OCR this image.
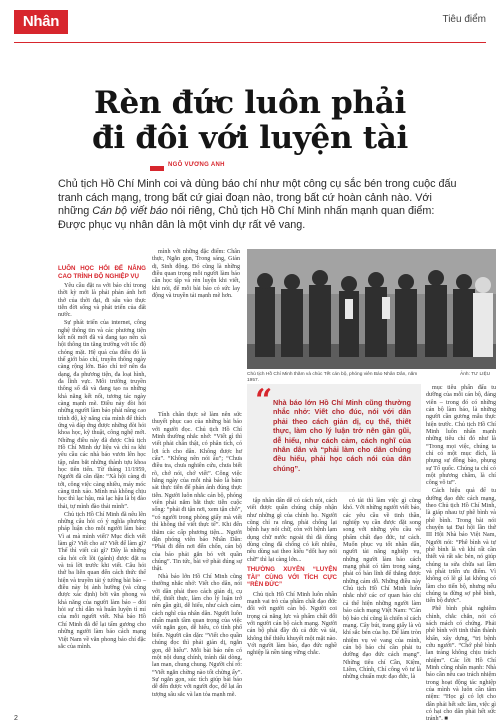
Nhân Dân
Tiêu điểm
Rèn đức luôn phải
đi đôi với luyện tài
NGÔ VƯƠNG ANH
Chủ tịch Hồ Chí Minh coi và dùng báo chí như một công cụ sắc bén trong cuộc đấu tranh cách mạng, trong bất cứ giai đoạn nào, trong bất cứ hoàn cảnh nào. Với những Cán bộ viết báo nói riêng, Chủ tịch Hồ Chí Minh nhấn mạnh quan điểm: Được phục vụ nhân dân là một vinh dự rất vẻ vang.
LUÔN HỌC HỎI ĐỂ NÂNG CAO TRÌNH ĐỘ NGHIỆP VỤ

Yêu cầu đặt ra với báo chí trong thời kỳ mới là phải phản ánh hơi thở của thời đại, đi sâu vào thực tiễn đời sống và phát triển của đất nước.

Sự phát triển của internet, công nghệ thông tin và các phương tiện kết nối mới đã và đang tạo nên xã hội thông tin tăng trưởng với tốc độ chóng mặt. Hệ quả của điều đó là thế giới báo chí, truyền thông ngày càng rộng lớn. Báo chí trở nên đa dạng, đa phương tiện, đa loại hình, đa lĩnh vực. Môi trường truyền thông số đã và đang tạo ra những khả năng kết nối, tương tác ngày càng mạnh mẽ. Điều này đòi hỏi những người làm báo phải nâng cao trình độ, kỹ năng của mình để thích ứng và đáp ứng được những đòi hỏi khoa học, kỹ thuật, công nghệ mới. Những điều này đã được Chủ tịch Hồ Chí Minh dự liệu và chỉ ra khi yêu cầu các nhà báo vươn lên học tập, nắm bắt những thành tựu khoa học tiên tiến. Từ tháng 11/1959, Người đã căn dặn: “Xã hội càng đi tới, công việc càng nhiều, máy móc càng tinh xảo. Mình mà không chịu học thì lạc hậu, mà lạc hậu là bị đào thải, tự mình đào thải mình”.

Chủ tịch Hồ Chí Minh đã nêu lên những câu hỏi có ý nghĩa phương pháp luận cho mỗi người làm báo: Vì ai mà mình viết? Mục đích viết làm gì? Viết cho ai? Viết để làm gì? Thế thì viết cái gì? Đây là những câu hỏi cốt lõi (gánh) được đặt ra và trả lời trước khi viết. Câu hỏi thứ ba liên quan đến cách thức thể hiện và truyền tải ý tưởng bài báo – điều này bị ảnh hưởng (và cũng được xác định) bởi văn phong và khả năng của người làm báo – đòi hỏi sự chỉ dẫn và huấn luyện tỉ mỉ của mỗi người viết. Nhà báo Hồ Chí Minh đã để lại tấm gương cho những người làm báo cách mạng Việt Nam về văn phong báo chí đặc sắc của mình.

mình với những đặc điểm: Chân thực, Ngắn gọn, Trong sáng, Giản dị, Sinh động. Đó cũng là những điều quan trọng mỗi người làm báo cần học tập và rèn luyện khi viết, khi nói, để mỗi bài báo có sức lay động và truyền tải mạnh mẽ hơn.

Chủ tịch Hồ Chí Minh thăm và chúc Tết cán bộ, phóng viên Báo Nhân Dân, năm 1957.
Ảnh: TƯ LIỆU
“ Nhà báo lớn Hồ Chí Minh cũng thường nhắc nhở: Viết cho đúc, nói với dân phải theo cách giản dị, cụ thể, thiết thực, làm cho lý luận trở nên gần gũi, dễ hiểu, như cách cảm, cách nghĩ của nhân dân và “phải làm cho dân chúng đều hiểu, phải học cách nói của dân chúng”.

Tính chân thực sẽ làm nên sức thuyết phục cao của những bài báo với người đọc. Chủ tịch Hồ Chí Minh thường nhắc nhở: “Viết gì thì viết phải chân thật, có phân tích, có lợi ích cho dân. Không được hư cấu”. “Không nên nói ẩu”; “Chưa điều tra, chưa nghiên cứu, chưa biết rõ, chớ nói, chớ viết”. Công việc hằng ngày của mỗi nhà báo là bám sát thực tiễn để phản ánh đúng thực tiễn. Người luôn nhắc cán bộ, phóng viên phải nắm bắt thực tiễn cuộc sống: “phải đi tận nơi, xem tận chỗ”, “có người trong phòng giấy mà viết thì không thể viết thực tế”. Khi đến thăm các cấp phương tiện... Người dặn phóng viên báo Nhân Dân: “Phải đi đến nơi đến chốn, cán bộ của báo phải gắn bó với quần chúng”. Tin tức, bài vở phải đúng sự thật.

Nhà báo lớn Hồ Chí Minh cũng thường nhắc nhở: Viết cho dân, nói với dân phải theo cách giản dị, cụ thể, thiết thực, làm cho lý luận trở nên gần gũi, dễ hiểu, như cách cảm, cách nghĩ của nhân dân. Người luôn nhấn mạnh tầm quan trọng của việc viết ngắn gọn, dễ hiểu, có tính phổ biến. Người căn dặn: “Viết cho quần chúng đọc thì phải giản dị, ngắn gọn, dễ hiểu”. Mỗi bài báo nên có một nội dung chính, tránh dài dòng, lan man, chung chung. Người chỉ rõ: “Viết ngắn chừng nào tốt chừng ấy”. Sự ngắn gọn, súc tích giúp bài báo dễ đến được với người đọc, để lại ấn tượng sâu sắc và lan tỏa mạnh mẽ.

tập nhân dân dễ có cách nói, cách viết được quần chúng chấp nhận như những gì của chính họ. Người cũng chỉ ra rằng, phải chống lại bệnh hay nói chữ, còn với bệnh lạm dụng chữ nước ngoài thì đã dùng dùng cũng đã chống có kết nhiều, nêu dùng sai theo kiểu “dốt hay nói chữ” thì lại càng lớn...

THƯỜNG XUYÊN “LUYỆN TÀI” CÙNG VỚI TÍCH CỰC “RÈN ĐỨC”

Chủ tịch Hồ Chí Minh luôn nhấn mạnh vai trò của phẩm chất đạo đức đối với người cán bộ. Người coi trọng cả năng lực và phẩm chất đối với người cán bộ cách mạng. Người cán bộ phải đầy đủ cả đức và tài, không thể thiếu khuyết một mặt nào. Với người làm báo, đạo đức nghề nghiệp là nền tảng vững chắc.

có tài thì làm việc gì cũng khó. Với những người viết báo, các yêu cầu về tinh thần, nghiệp vụ cần được đặt song song với những yêu cầu về phẩm chất đạo đức, tư cách. Muốn phục vụ tốt nhân dân, người tài năng nghiệp vụ, những người làm báo cách mạng phải có tâm trong sáng, phải có bản lĩnh để thẳng được những cám dỗ. Những điều này Chủ tịch Hồ Chí Minh luôn nhắc nhở các cơ quan báo chí cả thể hiện những người làm báo cách mạng Việt Nam: “Cán bộ báo chí cũng là chiến sĩ cách mạng. Cây bút, trang giấy là vũ khí sắc bén của họ. Để làm tròn nhiệm vụ vẻ vang của mình, cán bộ báo chí cần phải tu dưỡng đạo đức cách mạng”. Những tiêu chí Cần, Kiệm, Liêm, Chính, Chí công vô tư là những chuẩn mực đạo đức, là

mục tiêu phấn đấu tu dưỡng của mỗi cán bộ, đảng viên – trong đó có những cán bộ làm báo, là những người cần gương mẫu thực hiện trước. Chủ tịch Hồ Chí Minh luôn nhấn mạnh những tiêu chí đó như là “Trong mọi việc, chúng ta chỉ có một mục đích, là phụng sự đồng bào, phụng sự Tổ quốc. Chúng ta chỉ có một phương châm, là chí công vô tư”.

Cách hiệu quả để tu dưỡng đạo đức cách mạng, theo Chủ tịch Hồ Chí Minh, là giáp nhau tự phê bình và phê bình. Trong bài nói chuyện tại Đại hội lần thứ III Hội Nhà báo Việt Nam, Người nói: “Phê bình và tự phê bình là vũ khí rất cần thiết và rất sắc bén, nó giúp chúng ta sửa chữa sai lầm và phát triển ưu điểm. Vì không có lẽ gì lại không có làm cho tiến bộ, nhưng nếu chúng ta đừng sợ phê bình, tiến bộ được”.

Phê bình phải nghiêm chỉnh, chắc chắn, nói có sách mách có chứng. Phải phê bình với tinh thần thành khẩn, xây dựng, “trị bệnh cứu người”. “Chớ phê bình lan tràng không chịu trách nhiệm”. Các lời Hồ Chí Minh cũng nhấn mạnh: Nhà báo cần nêu cao trách nhiệm trong hoạt động tác nghiệp của mình và luôn cần tâm niệm: “Học gì có lợi cho dân phải hết sức làm, việc gì có hại cho dân phải hết sức tránh”. ■

2
